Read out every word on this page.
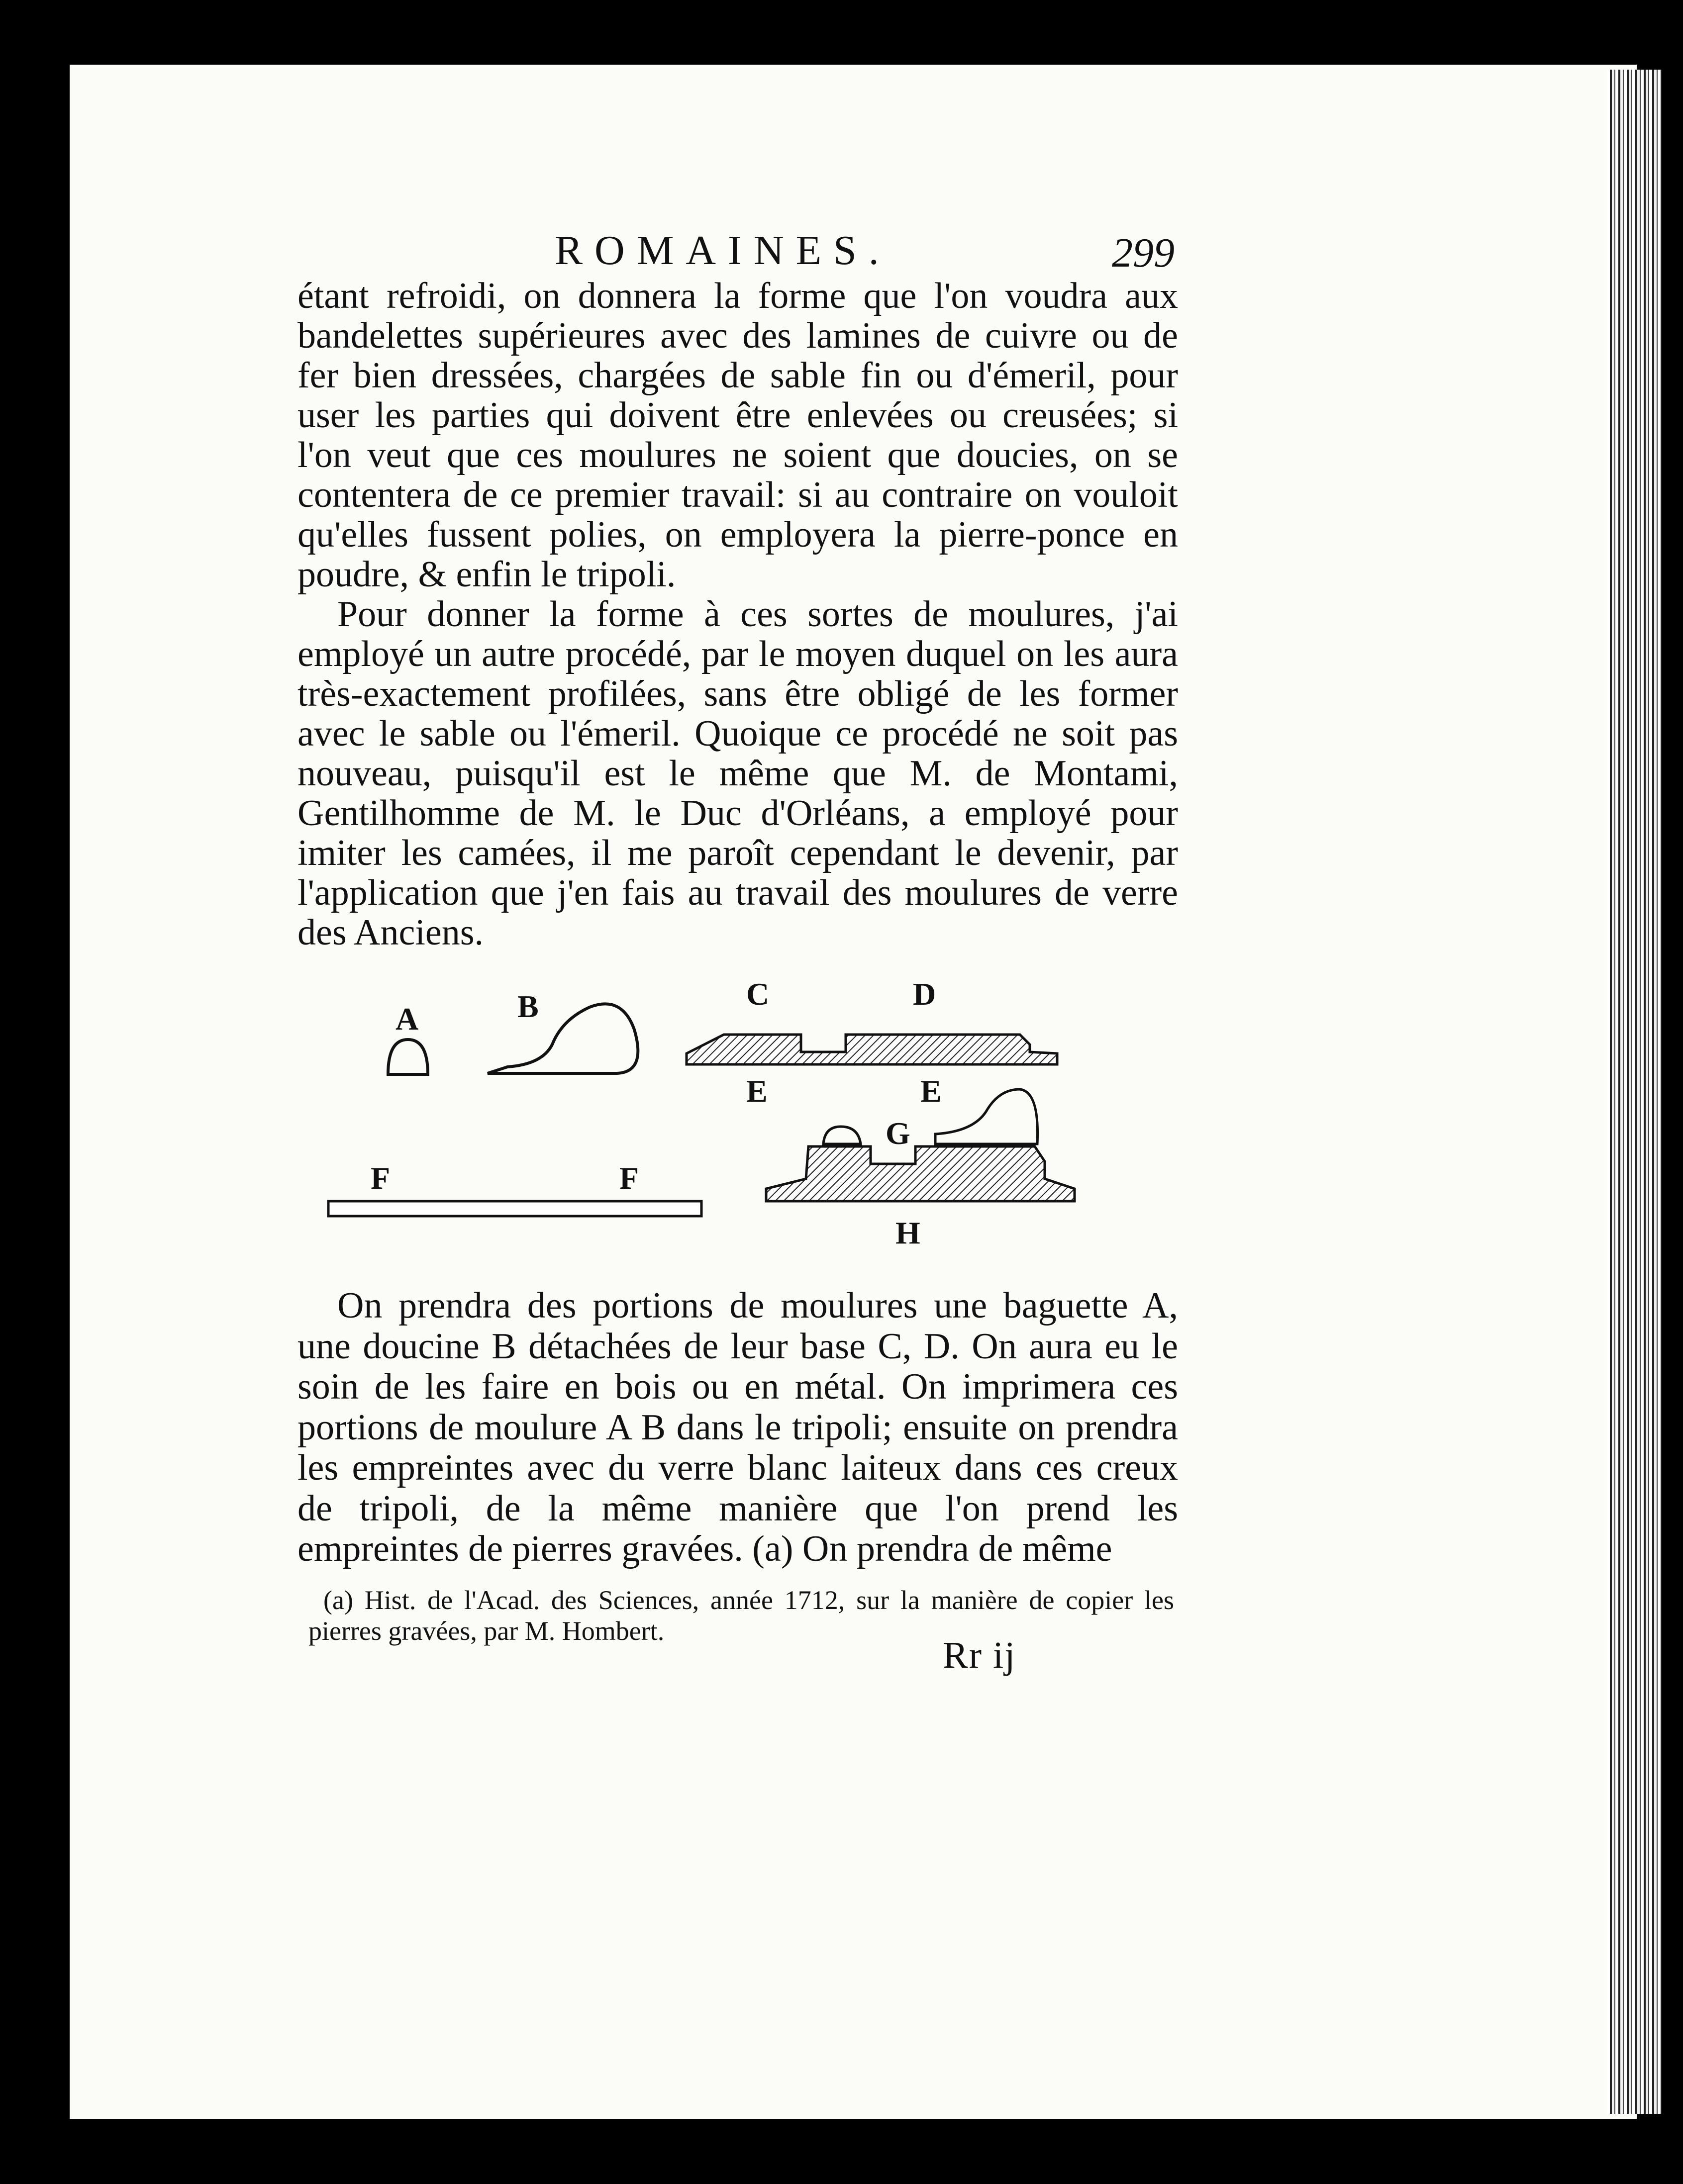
ROMAINES.	299

étant refroidi, on donnera la forme que l'on voudra aux bandelettes supérieures avec des lamines de cuivre ou de fer bien dressées, chargées de sable fin ou d'émeril, pour user les parties qui doivent être enlevées ou creusées; si l'on veut que ces moulures ne soient que doucies, on se contentera de ce premier travail: si au contraire on vouloit qu'elles fussent polies, on employera la pierre-ponce en poudre, & enfin le tripoli.

Pour donner la forme à ces sortes de moulures, j'ai employé un autre procédé, par le moyen duquel on les aura très-exactement profilées, sans être obligé de les former avec le sable ou l'émeril. Quoique ce procédé ne soit pas nouveau, puisqu'il est le même que M. de Montami, Gentilhomme de M. le Duc d'Orléans, a employé pour imiter les camées, il me paroît cependant le devenir, par l'application que j'en fais au travail des moulures de verre des Anciens.

A	B	C	D
E	E
F	F
G
H

On prendra des portions de moulures une baguette A, une doucine B détachées de leur base C, D. On aura eu le soin de les faire en bois ou en métal. On imprimera ces portions de moulure A B dans le tripoli; ensuite on prendra les empreintes avec du verre blanc laiteux dans ces creux de tripoli, de la même manière que l'on prend les empreintes de pierres gravées. (a) On prendra de même

(a) Hist. de l'Acad. des Sciences, année 1712, sur la manière de copier les pierres gravées, par M. Hombert.

Rr ij
